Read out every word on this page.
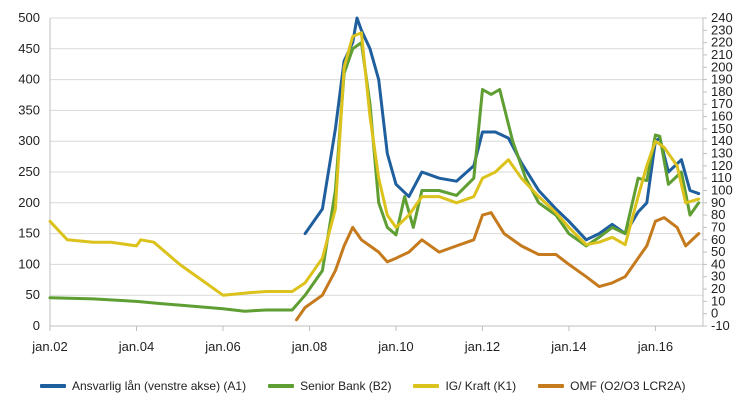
0
50
100
150
200
250
300
350
400
450
500
-10
0
10
20
30
40
50
60
70
80
90
100
110
120
130
140
150
160
170
180
190
200
210
220
230
240
jan.02	jan.04	jan.06	jan.08	jan.10	jan.12	jan.14	jan.16
Ansvarlig lån (venstre akse) (A1)	Senior Bank (B2)	IG/ Kraft (K1)	OMF (O2/O3 LCR2A)
